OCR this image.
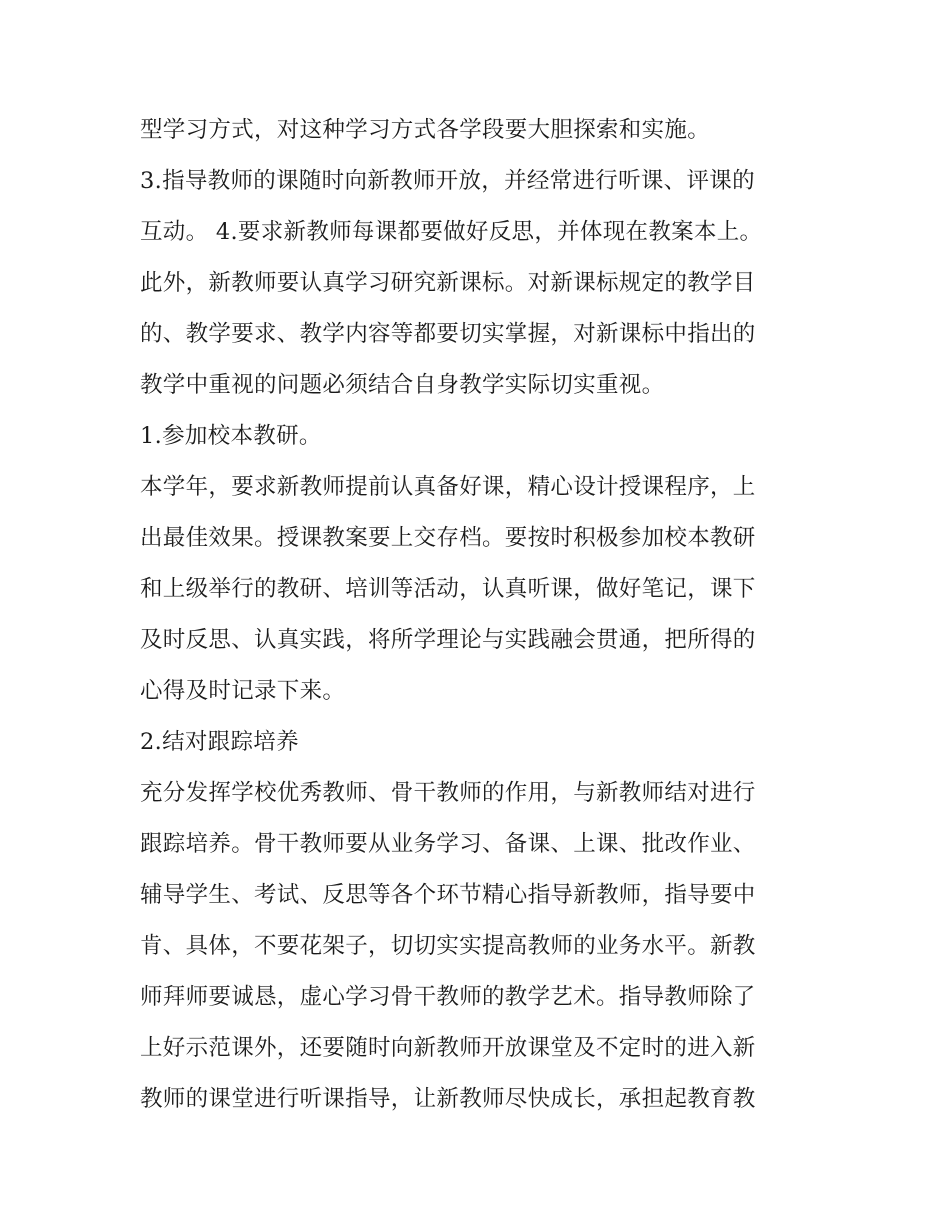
型学习方式，对这种学习方式各学段要大胆探索和实施。
3.指导教师的课随时向新教师开放，并经常进行听课、评课的
互动。 4.要求新教师每课都要做好反思，并体现在教案本上。
此外，新教师要认真学习研究新课标。对新课标规定的教学目
的、教学要求、教学内容等都要切实掌握，对新课标中指出的
教学中重视的问题必须结合自身教学实际切实重视。
1.参加校本教研。
本学年，要求新教师提前认真备好课，精心设计授课程序，上
出最佳效果。授课教案要上交存档。要按时积极参加校本教研
和上级举行的教研、培训等活动，认真听课，做好笔记，课下
及时反思、认真实践，将所学理论与实践融会贯通，把所得的
心得及时记录下来。
2.结对跟踪培养
充分发挥学校优秀教师、骨干教师的作用，与新教师结对进行
跟踪培养。骨干教师要从业务学习、备课、上课、批改作业、
辅导学生、考试、反思等各个环节精心指导新教师，指导要中
肯、具体，不要花架子，切切实实提高教师的业务水平。新教
师拜师要诚恳，虚心学习骨干教师的教学艺术。指导教师除了
上好示范课外，还要随时向新教师开放课堂及不定时的进入新
教师的课堂进行听课指导，让新教师尽快成长，承担起教育教
